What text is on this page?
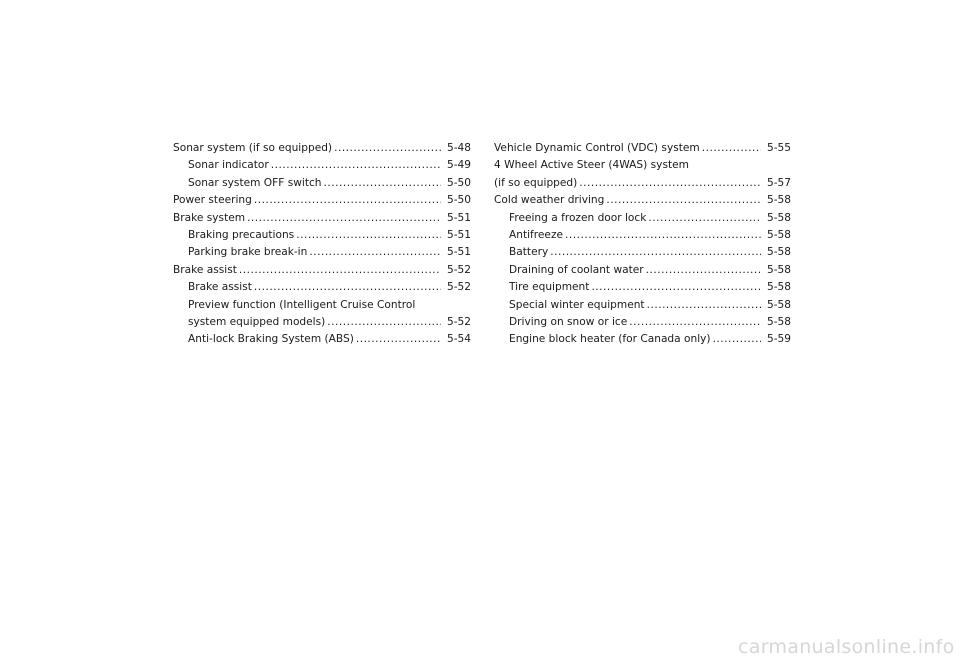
Sonar system (if so equipped) .....	5-48
Sonar indicator .....	5-49
Sonar system OFF switch .....	5-50
Power steering .....	5-50
Brake system .....	5-51
Braking precautions .....	5-51
Parking brake break-in .....	5-51
Brake assist .....	5-52
Brake assist .....	5-52
Preview function (Intelligent Cruise Control
system equipped models) .....	5-52
Anti-lock Braking System (ABS) .....	5-54
Vehicle Dynamic Control (VDC) system .....	5-55
4 Wheel Active Steer (4WAS) system
(if so equipped) .....	5-57
Cold weather driving .....	5-58
Freeing a frozen door lock .....	5-58
Antifreeze .....	5-58
Battery .....	5-58
Draining of coolant water .....	5-58
Tire equipment .....	5-58
Special winter equipment .....	5-58
Driving on snow or ice .....	5-58
Engine block heater (for Canada only) .....	5-59
carmanualsonline.info
